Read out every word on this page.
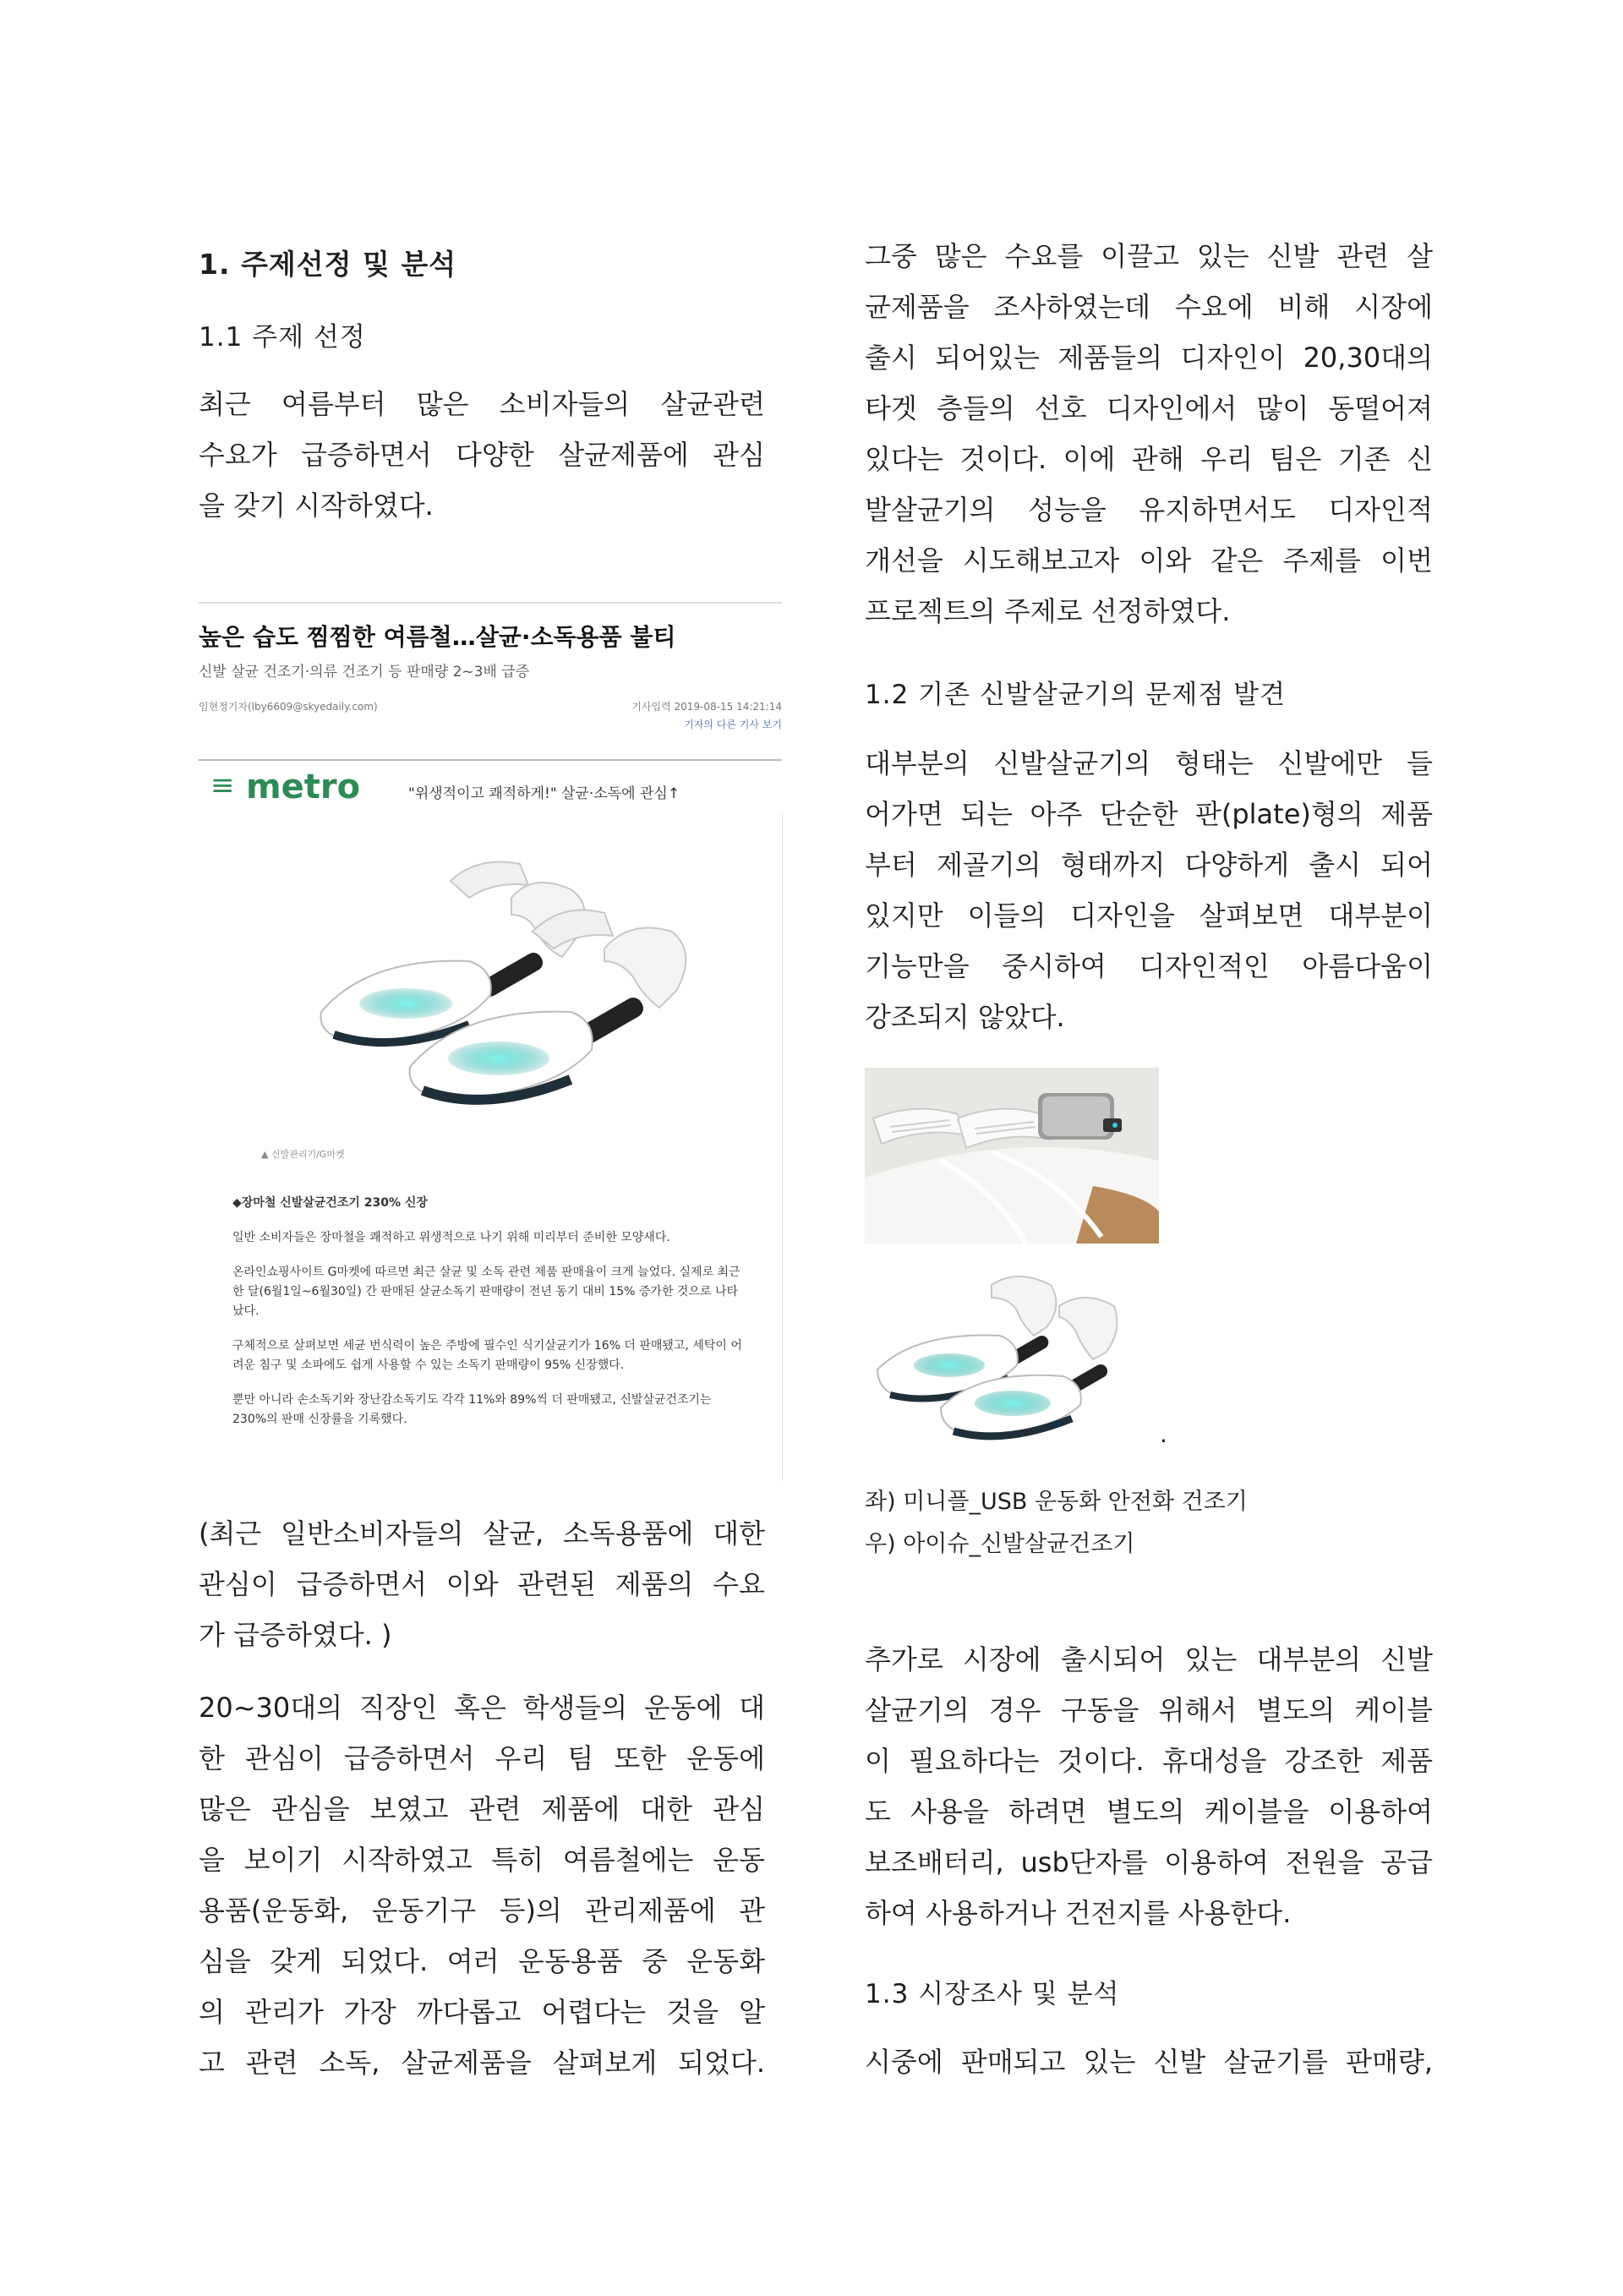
1. 주제선정 및 분석
1.1 주제 선정
최근 여름부터 많은 소비자들의 살균관련
수요가 급증하면서 다양한 살균제품에 관심
을 갖기 시작하였다.
높은 습도 찜찜한 여름철…살균·소독용품 불티
신발 살균 건조기·의류 건조기 등 판매량 2~3배 급증
임현정기자(lby6609@skyedaily.com)	기사입력 2019-08-15 14:21:14
기자의 다른 기사 보기
≡ metro	"위생적이고 쾌적하게!" 살균·소독에 관심↑
▲ 신발관리기/G마켓
◆장마철 신발살균건조기 230% 신장
일반 소비자들은 장마철을 쾌적하고 위생적으로 나기 위해 미리부터 준비한 모양새다.
온라인쇼핑사이트 G마켓에 따르면 최근 살균 및 소독 관련 제품 판매율이 크게 늘었다. 실제로 최근 한 달(6월1일~6월30일) 간 판매된 살균소독기 판매량이 전년 동기 대비 15% 증가한 것으로 나타났다.
구체적으로 살펴보면 세균 번식력이 높은 주방에 필수인 식기살균기가 16% 더 판매됐고, 세탁이 어려운 침구 및 소파에도 쉽게 사용할 수 있는 소독기 판매량이 95% 신장했다.
뿐만 아니라 손소독기와 장난감소독기도 각각 11%와 89%씩 더 판매됐고, 신발살균건조기는 230%의 판매 신장률을 기록했다.
(최근 일반소비자들의 살균, 소독용품에 대한
관심이 급증하면서 이와 관련된 제품의 수요
가 급증하였다. )
20~30대의 직장인 혹은 학생들의 운동에 대
한 관심이 급증하면서 우리 팀 또한 운동에
많은 관심을 보였고 관련 제품에 대한 관심
을 보이기 시작하였고 특히 여름철에는 운동
용품(운동화, 운동기구 등)의 관리제품에 관
심을 갖게 되었다. 여러 운동용품 중 운동화
의 관리가 가장 까다롭고 어렵다는 것을 알
고 관련 소독, 살균제품을 살펴보게 되었다.
그중 많은 수요를 이끌고 있는 신발 관련 살
균제품을 조사하였는데 수요에 비해 시장에
출시 되어있는 제품들의 디자인이 20,30대의
타겟 층들의 선호 디자인에서 많이 동떨어져
있다는 것이다. 이에 관해 우리 팀은 기존 신
발살균기의 성능을 유지하면서도 디자인적
개선을 시도해보고자 이와 같은 주제를 이번
프로젝트의 주제로 선정하였다.
1.2 기존 신발살균기의 문제점 발견
대부분의 신발살균기의 형태는 신발에만 들
어가면 되는 아주 단순한 판(plate)형의 제품
부터 제골기의 형태까지 다양하게 출시 되어
있지만 이들의 디자인을 살펴보면 대부분이
기능만을 중시하여 디자인적인 아름다움이
강조되지 않았다.
.
좌) 미니플_USB 운동화 안전화 건조기
우) 아이슈_신발살균건조기
추가로 시장에 출시되어 있는 대부분의 신발
살균기의 경우 구동을 위해서 별도의 케이블
이 필요하다는 것이다. 휴대성을 강조한 제품
도 사용을 하려면 별도의 케이블을 이용하여
보조배터리, usb단자를 이용하여 전원을 공급
하여 사용하거나 건전지를 사용한다.
1.3 시장조사 및 분석
시중에 판매되고 있는 신발 살균기를 판매량,
